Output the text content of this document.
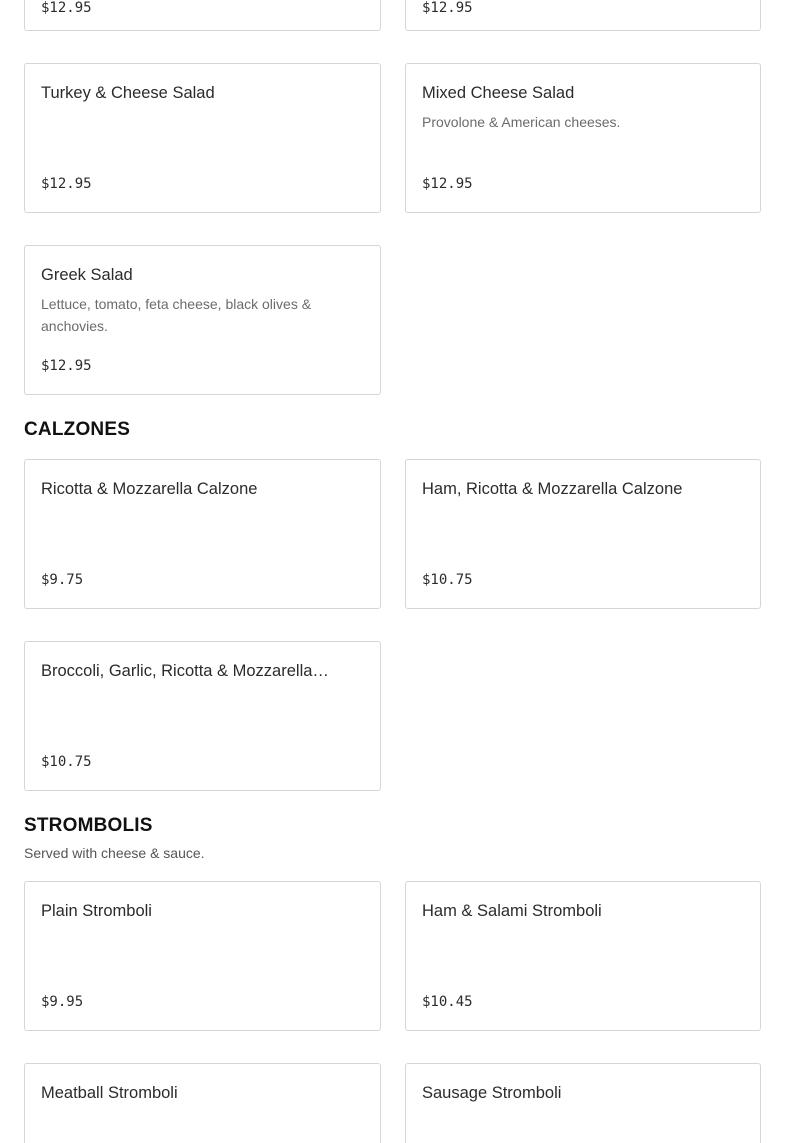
$12.95	$12.95
Turkey & Cheese Salad
$12.95
Mixed Cheese Salad
Provolone & American cheeses.
$12.95
Greek Salad
Lettuce, tomato, feta cheese, black olives & anchovies.
$12.95
CALZONES
Ricotta & Mozzarella Calzone
$9.75
Ham, Ricotta & Mozzarella Calzone
$10.75
Broccoli, Garlic, Ricotta & Mozzarella…
$10.75
STROMBOLIS
Served with cheese & sauce.
Plain Stromboli
$9.95
Ham & Salami Stromboli
$10.45
Meatball Stromboli	Sausage Stromboli
